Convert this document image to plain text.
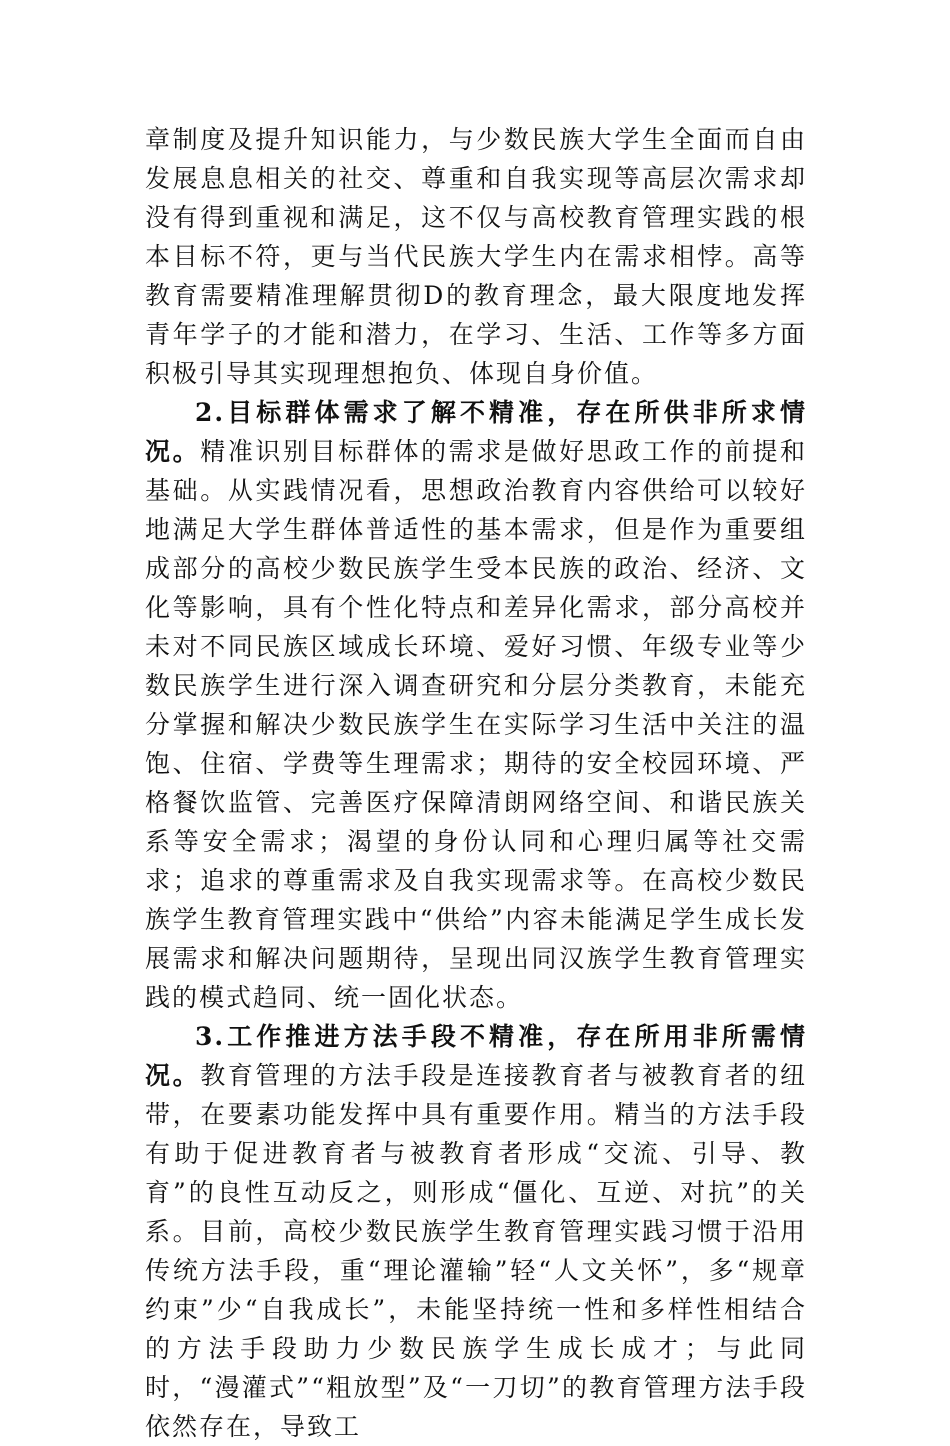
章制度及提升知识能力，与少数民族大学生全面而自由发展息息相关的社交、尊重和自我实现等高层次需求却没有得到重视和满足，这不仅与高校教育管理实践的根本目标不符，更与当代民族大学生内在需求相悖。高等教育需要精准理解贯彻D的教育理念，最大限度地发挥青年学子的才能和潜力，在学习、生活、工作等多方面积极引导其实现理想抱负、体现自身价值。

2.目标群体需求了解不精准，存在所供非所求情况。精准识别目标群体的需求是做好思政工作的前提和基础。从实践情况看，思想政治教育内容供给可以较好地满足大学生群体普适性的基本需求，但是作为重要组成部分的高校少数民族学生受本民族的政治、经济、文化等影响，具有个性化特点和差异化需求，部分高校并未对不同民族区域成长环境、爱好习惯、年级专业等少数民族学生进行深入调查研究和分层分类教育，未能充分掌握和解决少数民族学生在实际学习生活中关注的温饱、住宿、学费等生理需求；期待的安全校园环境、严格餐饮监管、完善医疗保障清朗网络空间、和谐民族关系等安全需求；渴望的身份认同和心理归属等社交需求；追求的尊重需求及自我实现需求等。在高校少数民族学生教育管理实践中“供给”内容未能满足学生成长发展需求和解决问题期待，呈现出同汉族学生教育管理实践的模式趋同、统一固化状态。

3.工作推进方法手段不精准，存在所用非所需情况。教育管理的方法手段是连接教育者与被教育者的纽带，在要素功能发挥中具有重要作用。精当的方法手段有助于促进教育者与被教育者形成“交流、引导、教育”的良性互动反之，则形成“僵化、互逆、对抗”的关系。目前，高校少数民族学生教育管理实践习惯于沿用传统方法手段，重“理论灌输”轻“人文关怀”，多“规章约束”少“自我成长”，未能坚持统一性和多样性相结合的方法手段助力少数民族学生成长成才；与此同时，“漫灌式”“粗放型”及“一刀切”的教育管理方法手段依然存在，导致工
